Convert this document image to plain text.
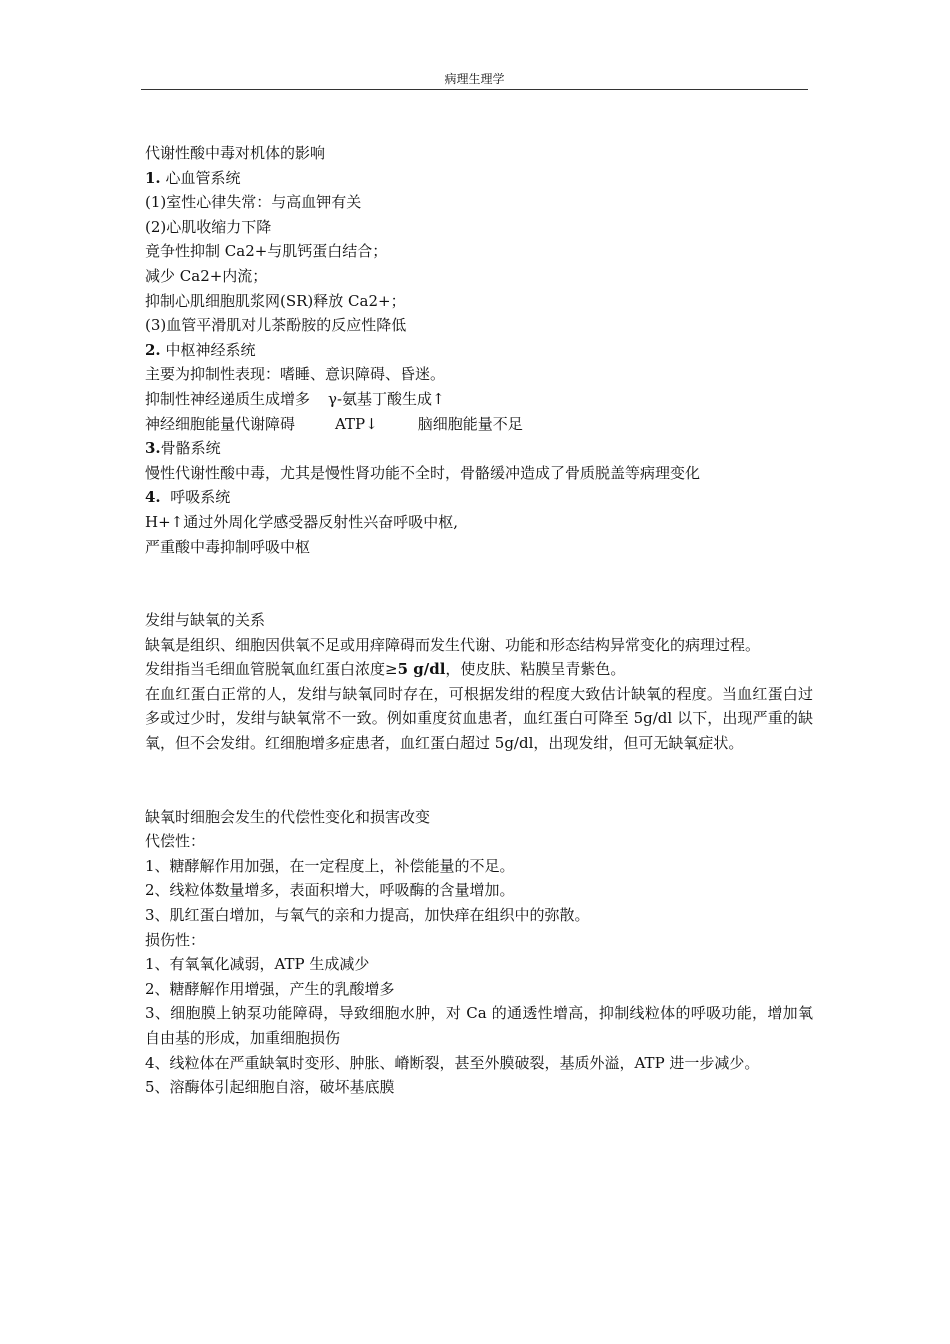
病理生理学
代谢性酸中毒对机体的影响
1. 心血管系统
(1)室性心律失常：与高血钾有关
(2)心肌收缩力下降
竟争性抑制 Ca2+与肌钙蛋白结合；
减少 Ca2+内流；
抑制心肌细胞肌浆网(SR)释放 Ca2+；
(3)血管平滑肌对儿茶酚胺的反应性降低
2. 中枢神经系统
主要为抑制性表现：嗜睡、意识障碍、昏迷。
抑制性神经递质生成增多 γ-氨基丁酸生成↑
神经细胞能量代谢障碍	ATP↓	脑细胞能量不足
3.骨骼系统
慢性代谢性酸中毒，尤其是慢性肾功能不全时，骨骼缓冲造成了骨质脱盖等病理变化
4.  呼吸系统
H+↑通过外周化学感受器反射性兴奋呼吸中枢,
严重酸中毒抑制呼吸中枢
发绀与缺氧的关系
缺氧是组织、细胞因供氧不足或用痒障碍而发生代谢、功能和形态结构异常变化的病理过程。
发绀指当毛细血管脱氧血红蛋白浓度≥5 g/dl，使皮肤、粘膜呈青紫色。
在血红蛋白正常的人，发绀与缺氧同时存在，可根据发绀的程度大致估计缺氧的程度。当血红蛋白过多或过少时，发绀与缺氧常不一致。例如重度贫血患者，血红蛋白可降至 5g/dl 以下，出现严重的缺氧，但不会发绀。红细胞增多症患者，血红蛋白超过 5g/dl，出现发绀，但可无缺氧症状。
缺氧时细胞会发生的代偿性变化和损害改变
代偿性：
1、糖酵解作用加强，在一定程度上，补偿能量的不足。
2、线粒体数量增多，表面积增大，呼吸酶的含量增加。
3、肌红蛋白增加，与氧气的亲和力提高，加快痒在组织中的弥散。
损伤性：
1、有氧氧化减弱，ATP 生成减少
2、糖酵解作用增强，产生的乳酸增多
3、细胞膜上钠泵功能障碍，导致细胞水肿，对 Ca 的通透性增高，抑制线粒体的呼吸功能，增加氧自由基的形成，加重细胞损伤
4、线粒体在严重缺氧时变形、肿胀、嵴断裂，甚至外膜破裂，基质外溢，ATP 进一步减少。
5、溶酶体引起细胞自溶，破坏基底膜
